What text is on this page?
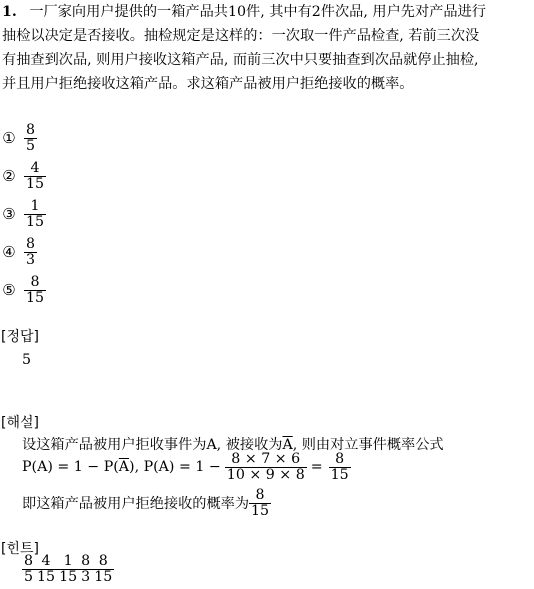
1. 一厂家向用户提供的一箱产品共10件, 其中有2件次品, 用户先对产品进行
抽检以决定是否接收。抽检规定是这样的：一次取一件产品检查, 若前三次没
有抽查到次品, 则用户接收这箱产品, 而前三次中只要抽查到次品就停止抽检,
并且用户拒绝接收这箱产品。求这箱产品被用户拒绝接收的概率。
① $\frac{8}{5}$
② $\frac{4}{15}$
③ $\frac{1}{15}$
④ $\frac{8}{3}$
⑤ $\frac{8}{15}$
[정답]
5
[해설]
设这箱产品被用户拒收事件为A, 被接收为$\overline{A}$, 则由对立事件概率公式
P(A) = 1 − P( $\overline{A}$ ), $P(A) = 1 - \frac{8 \times 7 \times 6}{10 \times 9 \times 8} = \frac{8}{15}$
即这箱产品被用户拒绝接收的概率为 $\frac{8}{15}$
[힌트]
$\frac{8}{5} \frac{4}{15} \frac{1}{15} \frac{8}{3} \frac{8}{15}$
